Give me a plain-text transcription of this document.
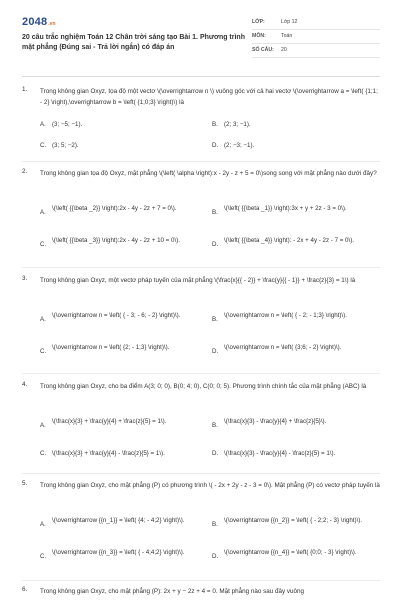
2048 .vn
20 câu trắc nghiệm Toán 12 Chân trời sáng tạo Bài 1. Phương trình mặt phẳng (Đúng sai - Trả lời ngắn) có đáp án
LỚP:	Lớp 12
MÔN:	Toán
SỐ CÂU: 20
1.	Trong không gian Oxyz, tọa độ một vectơ \(\overrightarrow n \) vuông góc với cả hai vectơ \(\overrightarrow a = \left( {1;1; - 2} \right),\overrightarrow b = \left( {1;0;3} \right)\) là
A. (3; −5; −1).	B. (2; 3; −1).
C. (3; 5; −2).	D. (2; −3; −1).
2.	Trong không gian tọa độ Oxyz, mặt phẳng \(\left( \alpha \right):x - 2y - z + 5 = 0\)song song với mặt phẳng nào dưới đây?
A.
\(\left( {{\beta _2}} \right):2x - 4y - 2z + 7 = 0\).
B.
\(\left( {{\beta _1}} \right):3x + y + 2z - 3 = 0\).
C.
\(\left( {{\beta _3}} \right):2x - 4y - 2z + 10 = 0\).
D.
\(\left( {{\beta _4}} \right): - 2x + 4y - 2z - 7 = 0\).
3.	Trong không gian Oxyz, một vectơ pháp tuyến của mặt phẳng \(\frac{x}{{ - 2}} + \frac{y}{{ - 1}} + \frac{z}{3} = 1\) là
A.
\(\overrightarrow n = \left( { - 3; - 6; - 2} \right)\).
B.
\(\overrightarrow n = \left( { - 2; - 1;3} \right)\).
C.
\(\overrightarrow n = \left( {2; - 1;3} \right)\).
D.
\(\overrightarrow n = \left( {3;6; - 2} \right)\).
4.	Trong không gian Oxyz, cho ba điểm A(3; 0; 0), B(0; 4; 0), C(0; 0; 5). Phương trình chính tắc của mặt phẳng (ABC) là
A.
\(\frac{x}{3} + \frac{y}{4} + \frac{z}{5} = 1\).
B.
\(\frac{x}{3} - \frac{y}{4} + \frac{z}{5}\).
C. \(\frac{x}{3} + \frac{y}{4} - \frac{z}{5} = 1\).	D. \(\frac{x}{3} - \frac{y}{4} - \frac{z}{5} = 1\).
5.	Trong không gian Oxyz, cho mặt phẳng (P) có phương trình \( - 2x + 2y - z - 3 = 0\). Mặt phẳng (P) có vectơ pháp tuyến là
A.
\(\overrightarrow {{n_1}} = \left( {4; - 4;2} \right)\).
B.
\(\overrightarrow {{n_2}} = \left( { - 2;2; - 3} \right)\).
C.
\(\overrightarrow {{n_3}} = \left( { - 4;4;2} \right)\).
D.
\(\overrightarrow {{n_4}} = \left( {0;0; - 3} \right)\).
6.	Trong không gian Oxyz, cho mặt phẳng (P): 2x + y − 2z + 4 = 0. Mặt phẳng nào sau đây vuông
